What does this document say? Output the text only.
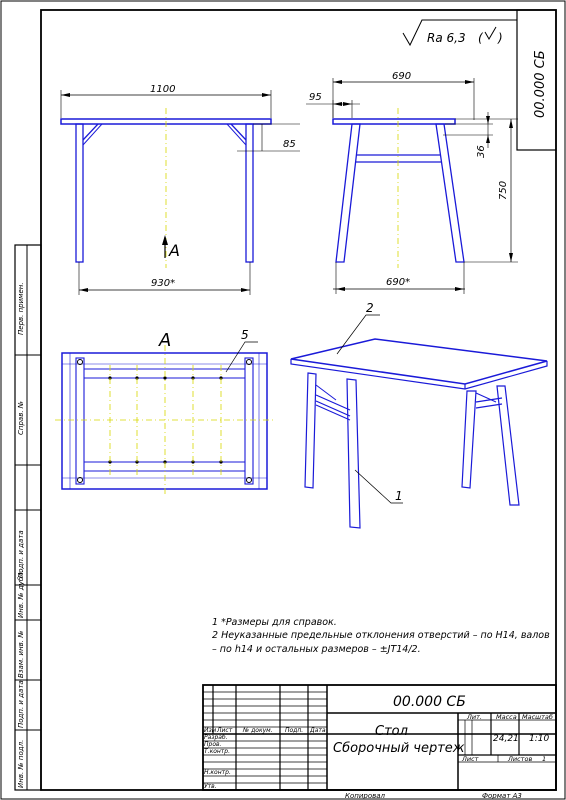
Перв. примен.
Справ. №
Подп. и дата
Инв. № дубл.
Взам. инв. №
Подп. и дата
Инв. № подл.
00.000 СБ
Ra 6,3 ( )
1100
930*
85
A
690
95
690*
750
36
A	5
2
1
1 *Размеры для справок.
2 Неуказанные предельные отклонения отверстий – по H14, валов
– по h14 и остальных размеров – ±JT14/2.
00.000 СБ
Стол
Сборочный чертеж
Изм Лист № докум. Подп. Дата
Разраб.
Пров.
Т.контр.
Н.контр.
Утв.
Лит. Масса Масштаб
24,21 1:10
Лист	Листов 1
Копировал	Формат А3
